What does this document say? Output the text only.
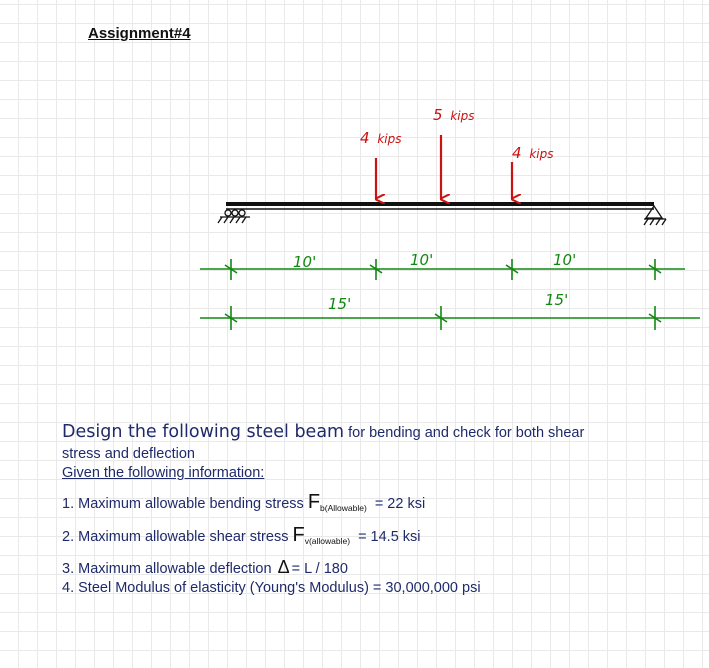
Assignment#4
4 kips
5 kips
4 kips
10'	10'	10'
15'	15'
Design the following steel beam for bending and check for both shear
stress and deflection
Given the following information:
1. Maximum allowable bending stress $F_{b(Allowable)} = 22$ ksi
2. Maximum allowable shear stress $F_{v(allowable)} = 14.5$ ksi
3. Maximum allowable deflection Δ = L / 180
4. Steel Modulus of elasticity (Young's Modulus) = 30,000,000 psi
